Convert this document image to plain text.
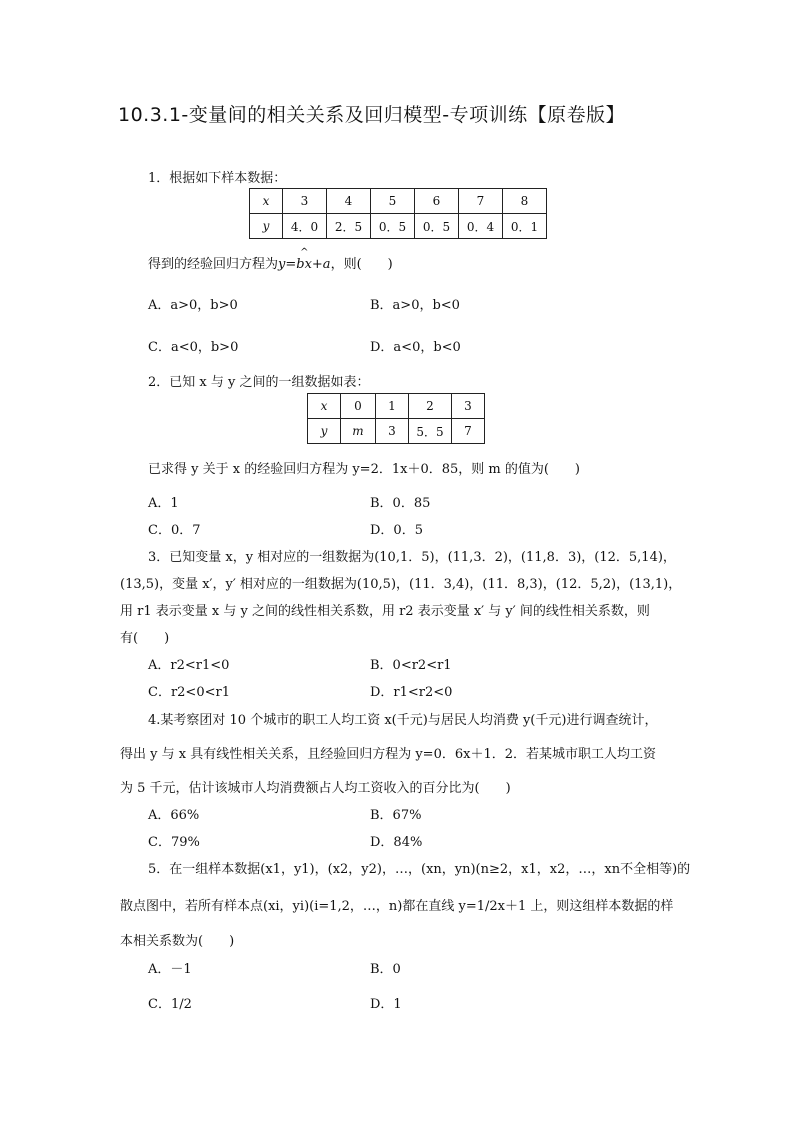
10.3.1-变量间的相关关系及回归模型-专项训练【原卷版】
1．根据如下样本数据：
x	3	4	5	6	7	8
y	4．0	2．5	0．5	0．5	0．4	0．1
得到的经验回归方程为^ y=bx+a，则(　　)
A．a>0，b>0	B．a>0，b<0
C．a<0，b>0	D．a<0，b<0
2．已知 x 与 y 之间的一组数据如表：
x	0	1	2	3
y	m	3	5．5	7
已求得 y 关于 x 的经验回归方程为 y=2．1x＋0．85，则 m 的值为(　　)
A．1	B．0．85
C．0．7	D．0．5
3．已知变量 x，y 相对应的一组数据为(10,1．5)，(11,3．2)，(11,8．3)，(12．5,14)，
(13,5)，变量 x′，y′ 相对应的一组数据为(10,5)，(11．3,4)，(11．8,3)，(12．5,2)，(13,1)，
用 r1 表示变量 x 与 y 之间的线性相关系数，用 r2 表示变量 x′ 与 y′ 间的线性相关系数，则
有(　　)
A．r2<r1<0	B．0<r2<r1
C．r2<0<r1	D．r1<r2<0
4.某考察团对 10 个城市的职工人均工资 x(千元)与居民人均消费 y(千元)进行调查统计，
得出 y 与 x 具有线性相关关系，且经验回归方程为 y=0．6x＋1．2．若某城市职工人均工资
为 5 千元，估计该城市人均消费额占人均工资收入的百分比为(　　)
A．66%	B．67%
C．79%	D．84%
5．在一组样本数据(x1，y1)，(x2，y2)，…，(xn，yn)(n≥2，x1，x2，…，xn不全相等)的
散点图中，若所有样本点(xi，yi)(i=1,2，…，n)都在直线 y=1/2x＋1 上，则这组样本数据的样
本相关系数为(　　)
A．－1	B．0
C．1/2	D．1
